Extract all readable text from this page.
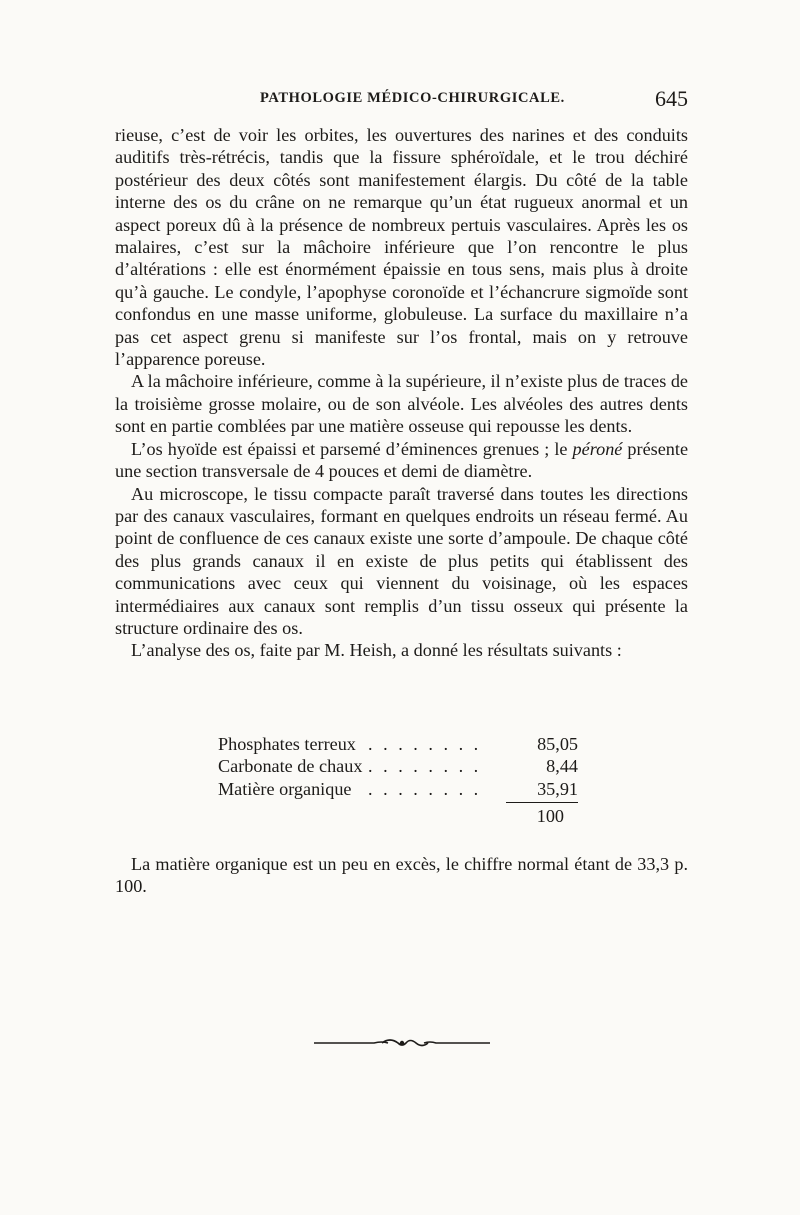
PATHOLOGIE MÉDICO-CHIRURGICALE.	645

rieuse, c’est de voir les orbites, les ouvertures des narines et des conduits auditifs très-rétrécis, tandis que la fissure sphéroïdale, et le trou déchiré postérieur des deux côtés sont manifestement élargis. Du côté de la table interne des os du crâne on ne remarque qu’un état rugueux anormal et un aspect poreux dû à la présence de nombreux pertuis vasculaires. Après les os malaires, c’est sur la mâchoire inférieure que l’on rencontre le plus d’altérations : elle est énormément épaissie en tous sens, mais plus à droite qu’à gauche. Le condyle, l’apophyse coronoïde et l’échancrure sigmoïde sont confondus en une masse uniforme, globuleuse. La surface du maxillaire n’a pas cet aspect grenu si manifeste sur l’os frontal, mais on y retrouve l’apparence poreuse.

A la mâchoire inférieure, comme à la supérieure, il n’existe plus de traces de la troisième grosse molaire, ou de son alvéole. Les alvéoles des autres dents sont en partie comblées par une matière osseuse qui repousse les dents.

L’os hyoïde est épaissi et parsemé d’éminences grenues ; le péroné présente une section transversale de 4 pouces et demi de diamètre.

Au microscope, le tissu compacte paraît traversé dans toutes les directions par des canaux vasculaires, formant en quelques endroits un réseau fermé. Au point de confluence de ces canaux existe une sorte d’ampoule. De chaque côté des plus grands canaux il en existe de plus petits qui établissent des communications avec ceux qui viennent du voisinage, où les espaces intermédiaires aux canaux sont remplis d’un tissu osseux qui présente la structure ordinaire des os.

L’analyse des os, faite par M. Heish, a donné les résultats suivants :

Phosphates terreux . . . . . . . .	85,05
Carbonate de chaux . . . . . . . .	8,44
Matière organique . . . . . . . .	35,91
100

La matière organique est un peu en excès, le chiffre normal étant de 33,3 p. 100.
